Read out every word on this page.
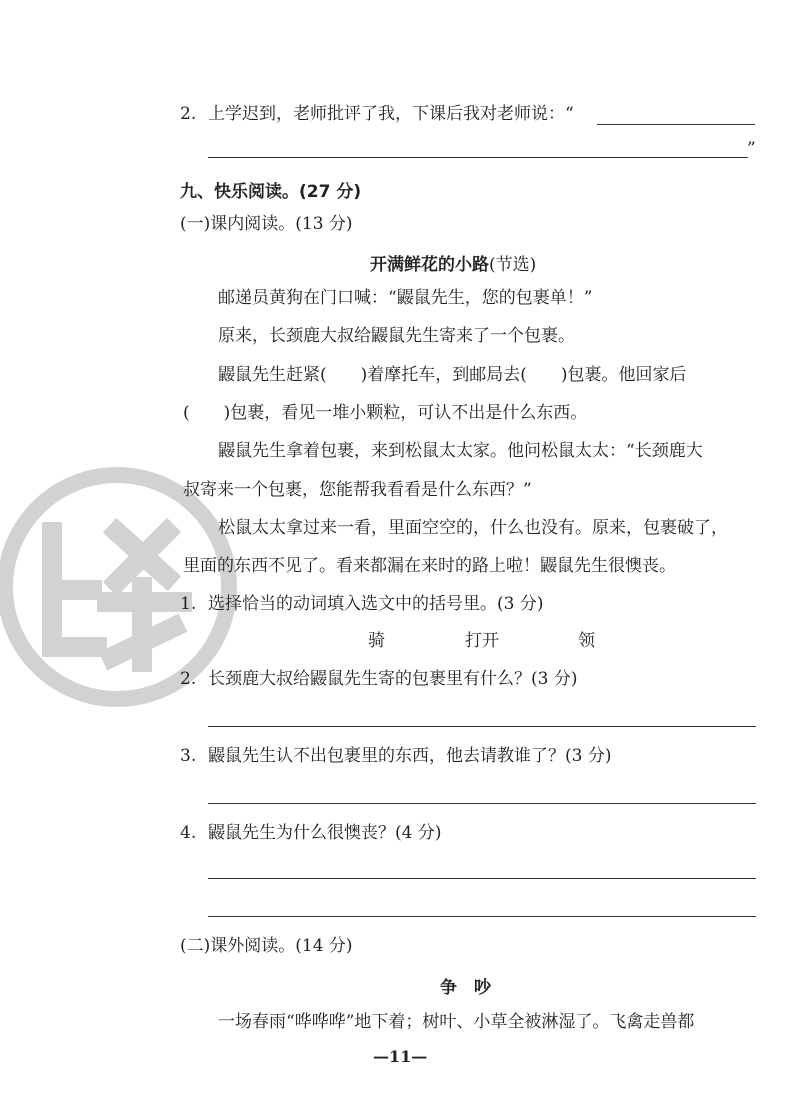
2. 上学迟到，老师批评了我，下课后我对老师说：“
”
九、快乐阅读。(27 分)
(一)课内阅读。(13 分)
开满鲜花的小路(节选)
邮递员黄狗在门口喊：“鼹鼠先生，您的包裹单！”
原来，长颈鹿大叔给鼹鼠先生寄来了一个包裹。
鼹鼠先生赶紧(　　)着摩托车，到邮局去(　　)包裹。他回家后
(　　)包裹，看见一堆小颗粒，可认不出是什么东西。
鼹鼠先生拿着包裹，来到松鼠太太家。他问松鼠太太：“长颈鹿大
叔寄来一个包裹，您能帮我看看是什么东西？”
松鼠太太拿过来一看，里面空空的，什么也没有。原来，包裹破了，
里面的东西不见了。看来都漏在来时的路上啦！鼹鼠先生很懊丧。
1. 选择恰当的动词填入选文中的括号里。(3 分)
骑	打开	领
2. 长颈鹿大叔给鼹鼠先生寄的包裹里有什么？(3 分)
3. 鼹鼠先生认不出包裹里的东西，他去请教谁了？(3 分)
4. 鼹鼠先生为什么很懊丧？(4 分)
(二)课外阅读。(14 分)
争　吵
一场春雨“哗哗哗”地下着；树叶、小草全被淋湿了。飞禽走兽都
—11—
